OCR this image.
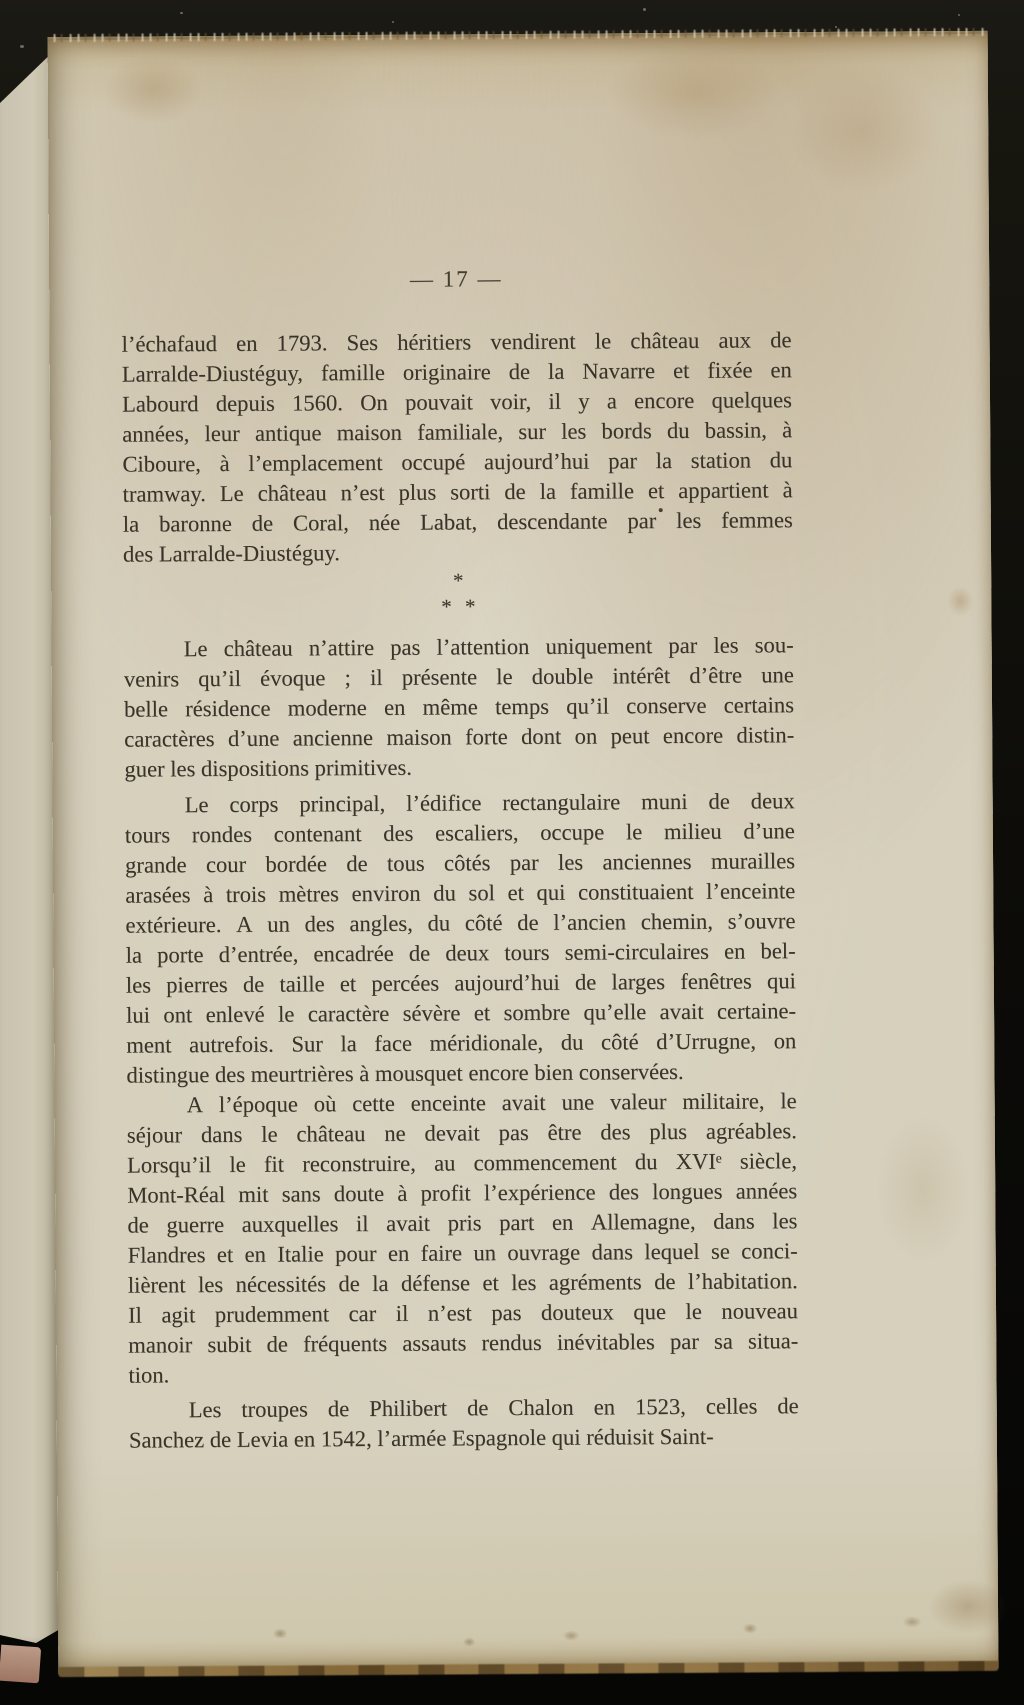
— 17 —
l’échafaud en 1793. Ses héritiers vendirent le château aux de
Larralde-Diustéguy, famille originaire de la Navarre et fixée en
Labourd depuis 1560. On pouvait voir, il y a encore quelques
années, leur antique maison familiale, sur les bords du bassin, à
Ciboure, à l’emplacement occupé aujourd’hui par la station du
tramway. Le château n’est plus sorti de la famille et appartient à
la baronne de Coral, née Labat, descendante par les femmes
des Larralde-Diustéguy.
*
* *
Le château n’attire pas l’attention uniquement par les sou-
venirs qu’il évoque ; il présente le double intérêt d’être une
belle résidence moderne en même temps qu’il conserve certains
caractères d’une ancienne maison forte dont on peut encore distin-
guer les dispositions primitives.
Le corps principal, l’édifice rectangulaire muni de deux
tours rondes contenant des escaliers, occupe le milieu d’une
grande cour bordée de tous côtés par les anciennes murailles
arasées à trois mètres environ du sol et qui constituaient l’enceinte
extérieure. A un des angles, du côté de l’ancien chemin, s’ouvre
la porte d’entrée, encadrée de deux tours semi-circulaires en bel-
les pierres de taille et percées aujourd’hui de larges fenêtres qui
lui ont enlevé le caractère sévère et sombre qu’elle avait certaine-
ment autrefois. Sur la face méridionale, du côté d’Urrugne, on
distingue des meurtrières à mousquet encore bien conservées.
A l’époque où cette enceinte avait une valeur militaire, le
séjour dans le château ne devait pas être des plus agréables.
Lorsqu’il le fit reconstruire, au commencement du XVIᵉ siècle,
Mont-Réal mit sans doute à profit l’expérience des longues années
de guerre auxquelles il avait pris part en Allemagne, dans les
Flandres et en Italie pour en faire un ouvrage dans lequel se conci-
lièrent les nécessités de la défense et les agréments de l’habitation.
Il agit prudemment car il n’est pas douteux que le nouveau
manoir subit de fréquents assauts rendus inévitables par sa situa-
tion.
Les troupes de Philibert de Chalon en 1523, celles de
Sanchez de Levia en 1542, l’armée Espagnole qui réduisit Saint-
